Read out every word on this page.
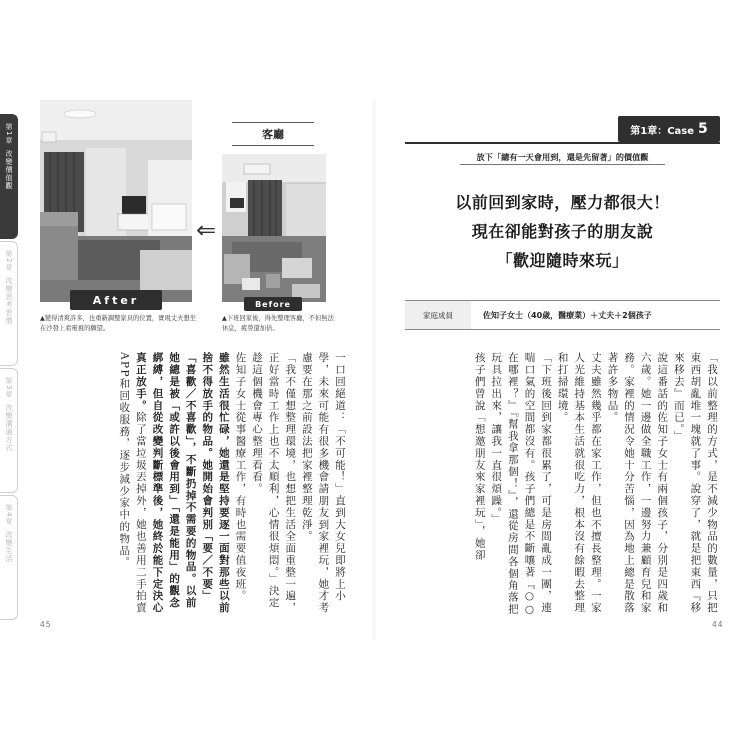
第1章
改變價值觀
第2章
改變思考習慣
第3章
改變溝通方式
第4章
改變生活
After
客廳
⇐
Before
▲變得清爽許多，也重新調整家具的位置，實現丈夫想坐在沙發上看電視的願望。
▲下班回家後，得先整理客廳，不但無法休息，疲勞還加倍。
第1章：Case 5
放下「總有一天會用到，還是先留著」的價值觀
以前回到家時，壓力都很大！
現在卻能對孩子的朋友說
「歡迎隨時來玩」
家庭成員	佐知子女士（40歲，醫療業）＋丈夫＋2個孩子

「我以前整理的方式，是不減少物品的數量，只把東西胡亂堆一塊就了事。說穿了，就是把東西『移來移去』而已。」

說這番話的佐知子女士有兩個孩子，分別是四歲和六歲。她一邊做全職工作，一邊努力兼顧育兒和家務。家裡的情況令她十分苦惱，因為地上總是散落著許多物品。

丈夫雖然幾乎都在家工作，但也不擅長整理。一家人光維持基本生活就很吃力，根本沒有餘暇去整理和打掃環境。

「下班後回到家都很累了，可是房間亂成一團，連喘口氣的空間都沒有。孩子們總是不斷嚷著『○○在哪裡？』『幫我拿那個！』，還從房間各個角落把玩具拉出來，讓我一直很煩躁。」

孩子們曾說「想邀朋友來家裡玩」，她卻

一口回絕道：「不可能！」直到大女兒即將上小學，未來可能有很多機會請朋友到家裡玩，她才考慮要在那之前設法把家裡整理乾淨。

「我不僅想整理環境，也想把生活全面重整一遍，正好當時工作上也不太順利，心情很煩悶。」決定趁這個機會專心整理看看。

佐知子女士從事醫療工作，有時也需要值夜班。

雖然生活很忙碌，她還是堅持要逐一面對那些以前捨不得放手的物品。她開始會判別「要／不要」「喜歡／不喜歡」，不斷扔掉不需要的物品。以前她總是被「或許以後會用到」「還是能用」的觀念綁縛，但自從改變判斷標準後，她終於能下定決心真正放手。除了當垃圾丟掉外，她也善用二手拍賣APP和回收服務，逐步減少家中的物品。

45	44
